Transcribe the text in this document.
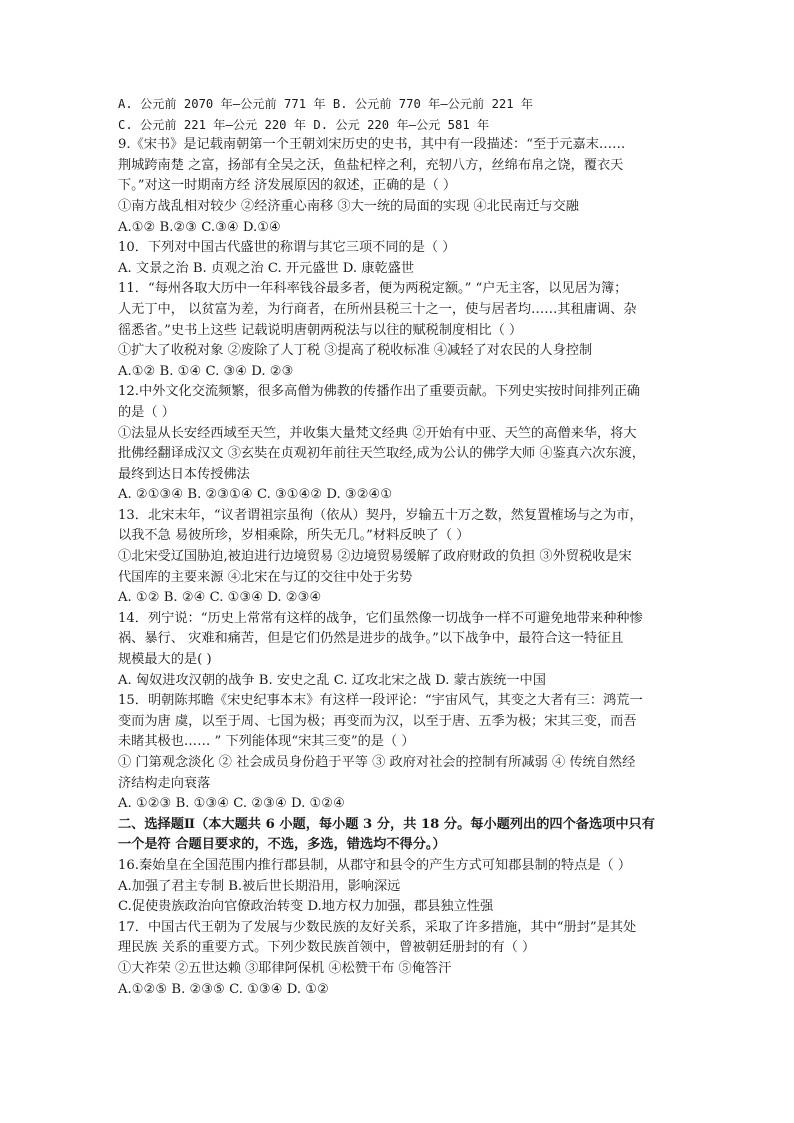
A. 公元前 2070 年—公元前 771 年 B. 公元前 770 年—公元前 221 年
C. 公元前 221 年—公元 220 年 D. 公元 220 年—公元 581 年
9.《宋书》是记载南朝第一个王朝刘宋历史的史书，其中有一段描述：“至于元嘉末……
荆城跨南楚 之富，扬部有全吴之沃，鱼盐杞梓之利，充牣八方，丝绵布帛之饶，覆衣天
下。”对这一时期南方经 济发展原因的叙述，正确的是（ ）
①南方战乱相对较少 ②经济重心南移 ③大一统的局面的实现 ④北民南迁与交融
A.①② B.②③ C.③④ D.①④
10．下列对中国古代盛世的称谓与其它三项不同的是（ ）
A. 文景之治 B. 贞观之治 C. 开元盛世 D. 康乾盛世
11．“每州各取大历中一年科率钱谷最多者，便为两税定额。” “户无主客，以见居为簿；
人无丁中， 以贫富为差，为行商者，在所州县税三十之一，使与居者均……其租庸调、杂
徭悉省。”史书上这些 记载说明唐朝两税法与以往的赋税制度相比（ ）
①扩大了收税对象 ②废除了人丁税 ③提高了税收标准 ④减轻了对农民的人身控制
A.①② B. ①④ C. ③④ D. ②③
12.中外文化交流频繁，很多高僧为佛教的传播作出了重要贡献。下列史实按时间排列正确
的是（ ）
①法显从长安经西域至天竺，并收集大量梵文经典 ②开始有中亚、天竺的高僧来华，将大
批佛经翻译成汉文 ③玄奘在贞观初年前往天竺取经,成为公认的佛学大师 ④鉴真六次东渡，
最终到达日本传授佛法
A. ②①③④ B. ②③①④ C. ③①④② D. ③②④①
13．北宋末年，“议者谓祖宗虽徇（依从）契丹，岁输五十万之数，然复置榷场与之为市，
以我不急 易彼所珍，岁相乘除，所失无几。”材料反映了（ ）
①北宋受辽国胁迫,被迫进行边境贸易 ②边境贸易缓解了政府财政的负担 ③外贸税收是宋
代国库的主要来源 ④北宋在与辽的交往中处于劣势
A. ①② B. ②④ C. ①③④ D. ②③④
14．列宁说：“历史上常常有这样的战争，它们虽然像一切战争一样不可避免地带来种种惨
祸、暴行、 灾难和痛苦，但是它们仍然是进步的战争。”以下战争中，最符合这一特征且
规模最大的是( )
A. 匈奴进攻汉朝的战争 B. 安史之乱 C. 辽攻北宋之战 D. 蒙古族统一中国
15．明朝陈邦瞻《宋史纪事本末》有这样一段评论：“宇宙风气，其变之大者有三：鸿荒一
变而为唐 虞，以至于周、七国为极；再变而为汉，以至于唐、五季为极；宋其三变，而吾
未睹其极也…… ” 下列能体现“宋其三变”的是（ ）
① 门第观念淡化 ② 社会成员身份趋于平等 ③ 政府对社会的控制有所减弱 ④ 传统自然经
济结构走向衰落
A. ①②③ B. ①③④ C. ②③④ D. ①②④
二、选择题Ⅱ（本大题共 6 小题，每小题 3 分，共 18 分。每小题列出的四个备选项中只有
一个是符 合题目要求的，不选，多选，错选均不得分。）
16.秦始皇在全国范围内推行郡县制，从郡守和县令的产生方式可知郡县制的特点是（ ）
A.加强了君主专制 B.被后世长期沿用，影响深远
C.促使贵族政治向官僚政治转变 D.地方权力加强，郡县独立性强
17．中国古代王朝为了发展与少数民族的友好关系，采取了许多措施，其中“册封”是其处
理民族 关系的重要方式。下列少数民族首领中，曾被朝廷册封的有（ ）
①大祚荣 ②五世达赖 ③耶律阿保机 ④松赞干布 ⑤俺答汗
A.①②⑤ B. ②③⑤ C. ①③④ D. ①②
